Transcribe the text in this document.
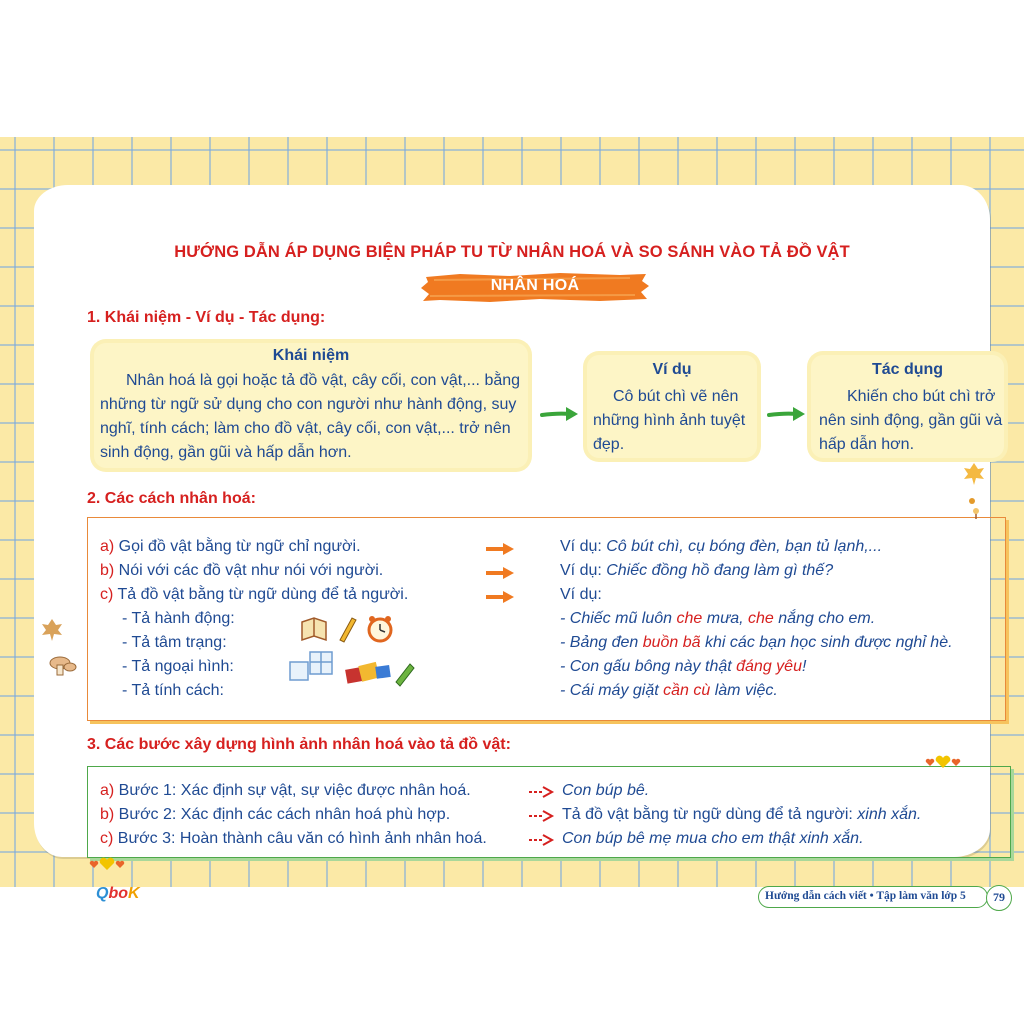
HƯỚNG DẪN ÁP DỤNG BIỆN PHÁP TU TỪ NHÂN HOÁ VÀ SO SÁNH VÀO TẢ ĐỒ VẬT
NHÂN HOÁ
1. Khái niệm - Ví dụ - Tác dụng:
Khái niệm
Nhân hoá là gọi hoặc tả đồ vật, cây cối, con vật,... bằng những từ ngữ sử dụng cho con người như hành động, suy nghĩ, tính cách; làm cho đồ vật, cây cối, con vật,... trở nên sinh động, gần gũi và hấp dẫn hơn.
Ví dụ
Cô bút chì vẽ nên những hình ảnh tuyệt đẹp.
Tác dụng
Khiến cho bút chì trở nên sinh động, gần gũi và hấp dẫn hơn.
2. Các cách nhân hoá:
a) Gọi đồ vật bằng từ ngữ chỉ người.	Ví dụ: Cô bút chì, cụ bóng đèn, bạn tủ lạnh,...
b) Nói với các đồ vật như nói với người.	Ví dụ: Chiếc đồng hồ đang làm gì thế?
c) Tả đồ vật bằng từ ngữ dùng để tả người.	Ví dụ:
- Tả hành động:	- Chiếc mũ luôn che mưa, che nắng cho em.
- Tả tâm trạng:	- Bảng đen buồn bã khi các bạn học sinh được nghỉ hè.
- Tả ngoại hình:	- Con gấu bông này thật đáng yêu!
- Tả tính cách:	- Cái máy giặt cần cù làm việc.
3. Các bước xây dựng hình ảnh nhân hoá vào tả đồ vật:
a) Bước 1: Xác định sự vật, sự việc được nhân hoá.	Con búp bê.
b) Bước 2: Xác định các cách nhân hoá phù hợp.	Tả đồ vật bằng từ ngữ dùng để tả người: xinh xắn.
c) Bước 3: Hoàn thành câu văn có hình ảnh nhân hoá.	Con búp bê mẹ mua cho em thật xinh xắn.
QboK	Hướng dẫn cách viết • Tập làm văn lớp 5	79
